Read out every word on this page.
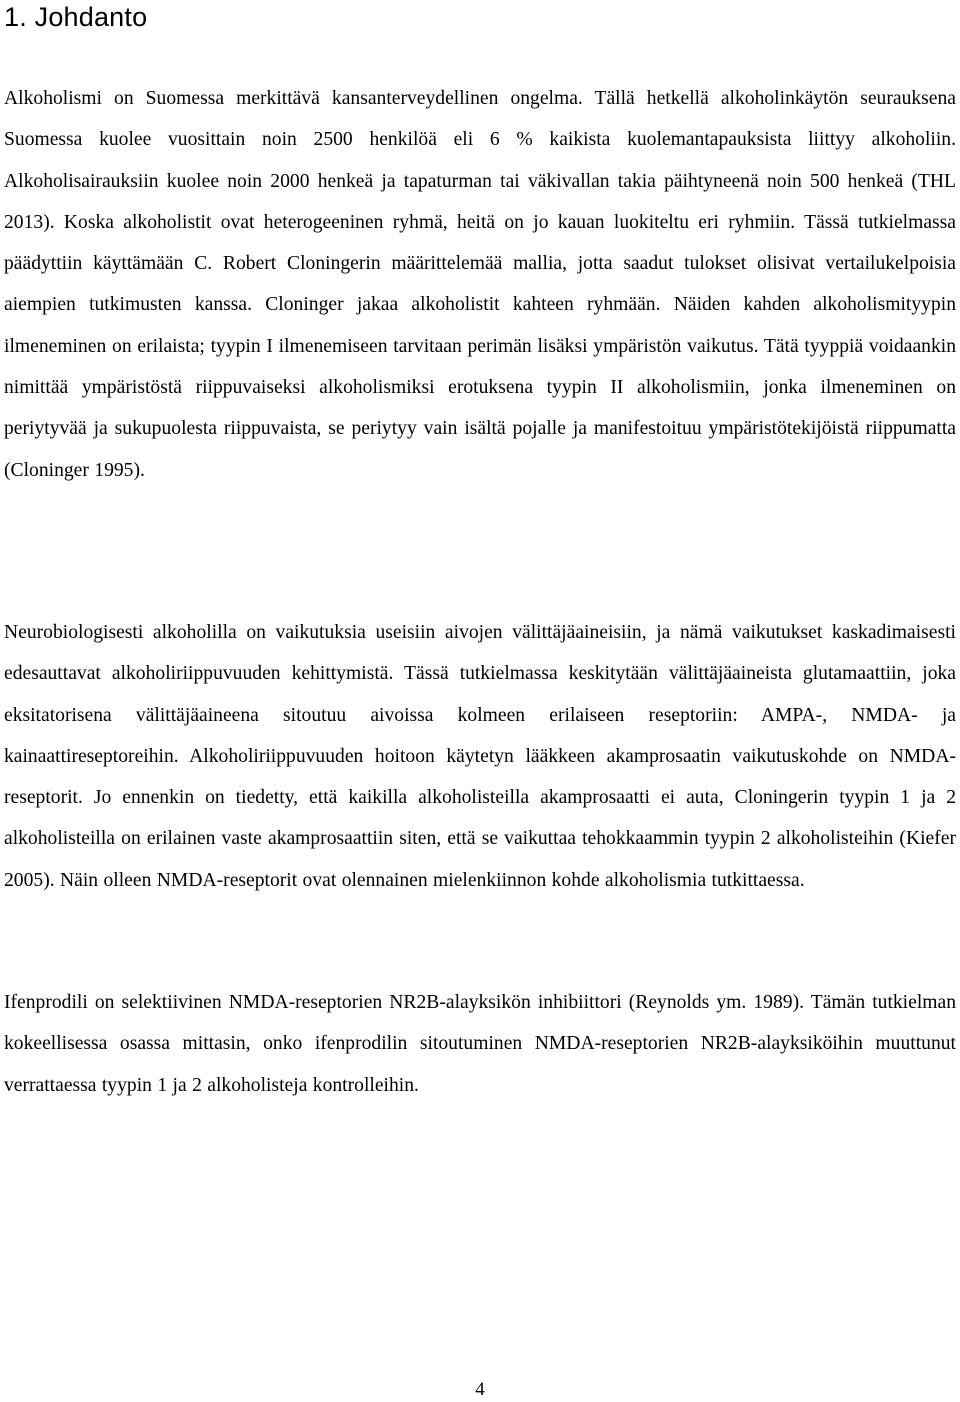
1. Johdanto

Alkoholismi on Suomessa merkittävä kansanterveydellinen ongelma. Tällä hetkellä alkoholinkäytön seurauksena Suomessa kuolee vuosittain noin 2500 henkilöä eli 6 % kaikista kuolemantapauksista liittyy alkoholiin. Alkoholisairauksiin kuolee noin 2000 henkeä ja tapaturman tai väkivallan takia päihtyneenä noin 500 henkeä (THL 2013). Koska alkoholistit ovat heterogeeninen ryhmä, heitä on jo kauan luokiteltu eri ryhmiin. Tässä tutkielmassa päädyttiin käyttämään C. Robert Cloningerin määrittelemää mallia, jotta saadut tulokset olisivat vertailukelpoisia aiempien tutkimusten kanssa. Cloninger jakaa alkoholistit kahteen ryhmään. Näiden kahden alkoholismityypin ilmeneminen on erilaista; tyypin I ilmenemiseen tarvitaan perimän lisäksi ympäristön vaikutus. Tätä tyyppiä voidaankin nimittää ympäristöstä riippuvaiseksi alkoholismiksi erotuksena tyypin II alkoholismiin, jonka ilmeneminen on periytyvää ja sukupuolesta riippuvaista, se periytyy vain isältä pojalle ja manifestoituu ympäristötekijöistä riippumatta (Cloninger 1995).

Neurobiologisesti alkoholilla on vaikutuksia useisiin aivojen välittäjäaineisiin, ja nämä vaikutukset kaskadimaisesti edesauttavat alkoholiriippuvuuden kehittymistä. Tässä tutkielmassa keskitytään välittäjäaineista glutamaattiin, joka eksitatorisena välittäjäaineena sitoutuu aivoissa kolmeen erilaiseen reseptoriin: AMPA-, NMDA- ja kainaattireseptoreihin. Alkoholiriippuvuuden hoitoon käytetyn lääkkeen akamprosaatin vaikutuskohde on NMDA-reseptorit. Jo ennenkin on tiedetty, että kaikilla alkoholisteilla akamprosaatti ei auta, Cloningerin tyypin 1 ja 2 alkoholisteilla on erilainen vaste akamprosaattiin siten, että se vaikuttaa tehokkaammin tyypin 2 alkoholisteihin (Kiefer 2005). Näin olleen NMDA-reseptorit ovat olennainen mielenkiinnon kohde alkoholismia tutkittaessa.

Ifenprodili on selektiivinen NMDA-reseptorien NR2B-alayksikön inhibiittori (Reynolds ym. 1989). Tämän tutkielman kokeellisessa osassa mittasin, onko ifenprodilin sitoutuminen NMDA-reseptorien NR2B-alayksiköihin muuttunut verrattaessa tyypin 1 ja 2 alkoholisteja kontrolleihin.

4
